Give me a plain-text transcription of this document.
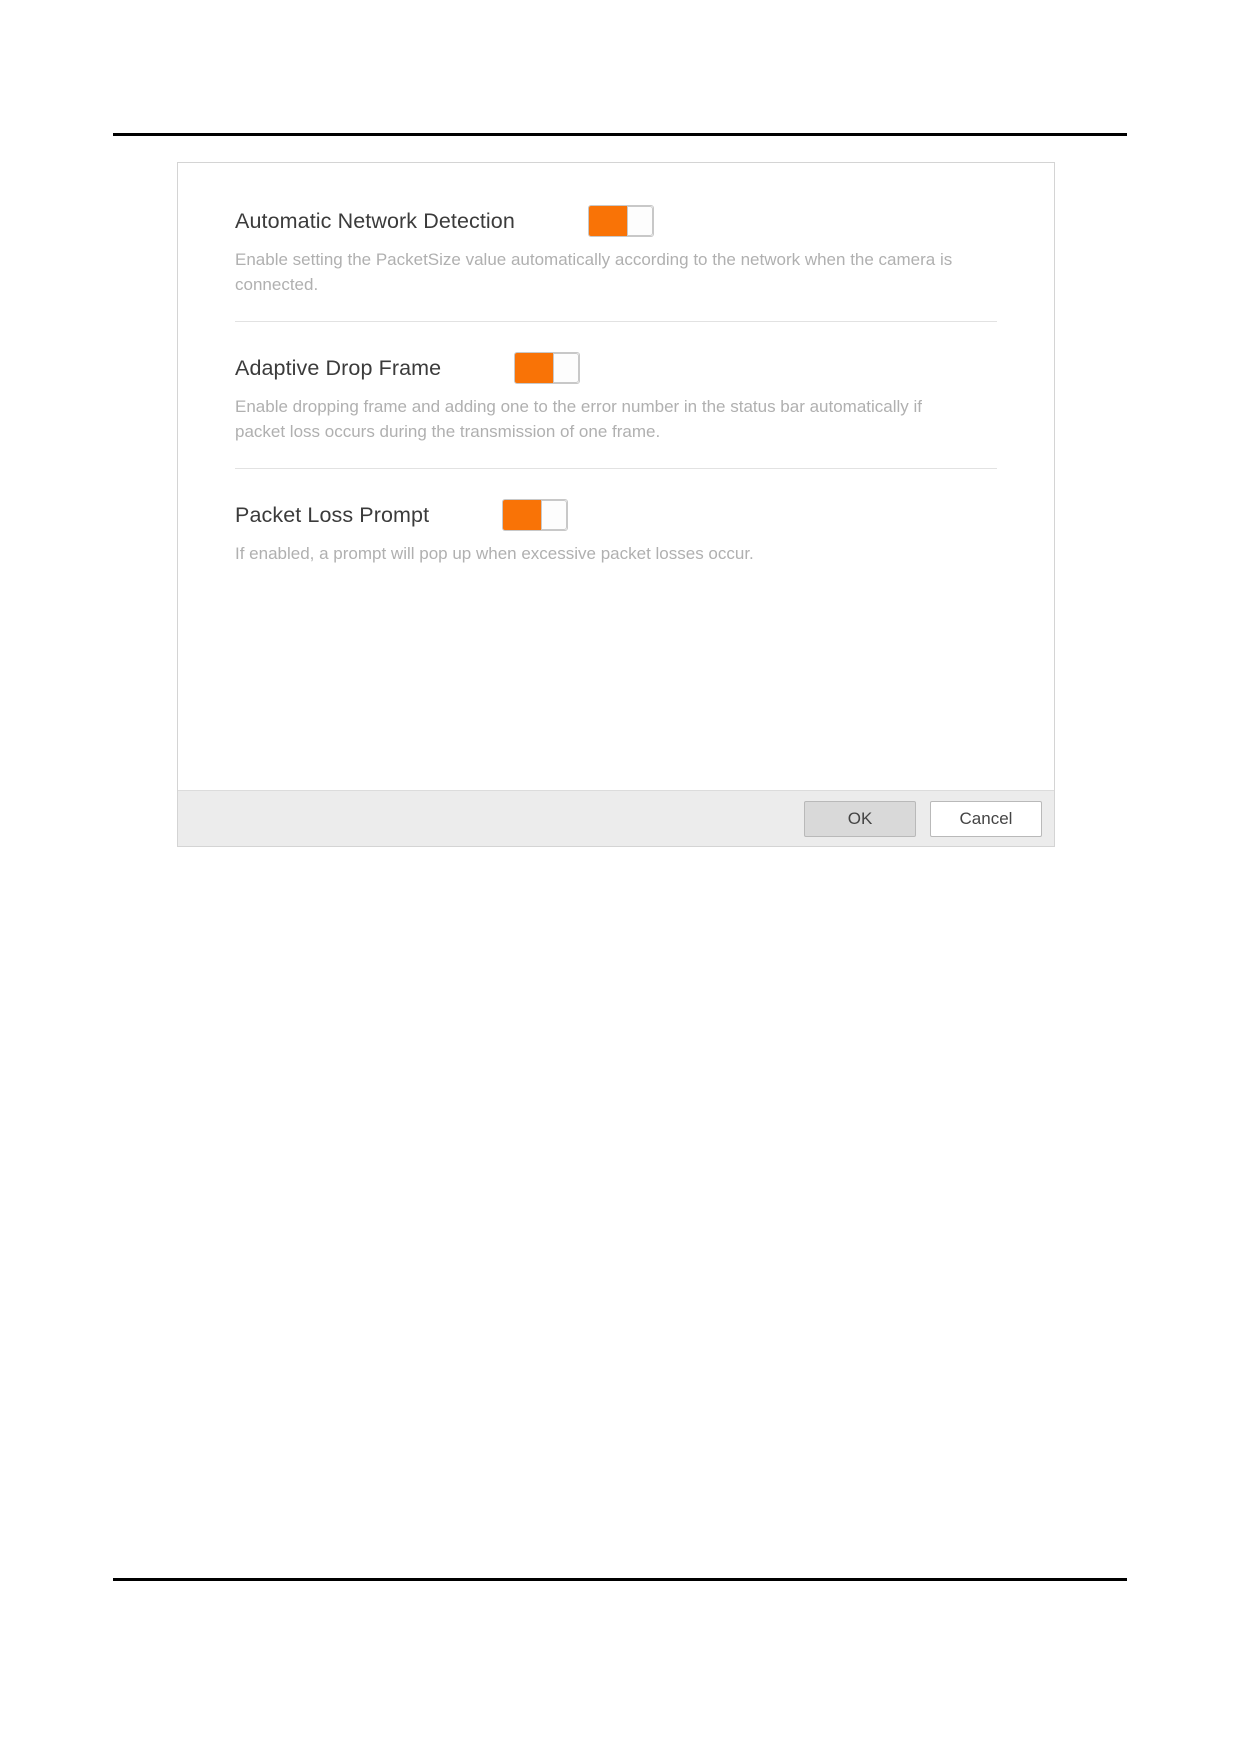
Automatic Network Detection
Enable setting the PacketSize value automatically according to the network when the camera is connected.
Adaptive Drop Frame
Enable dropping frame and adding one to the error number in the status bar automatically if packet loss occurs during the transmission of one frame.
Packet Loss Prompt
If enabled, a prompt will pop up when excessive packet losses occur.
OK	Cancel
